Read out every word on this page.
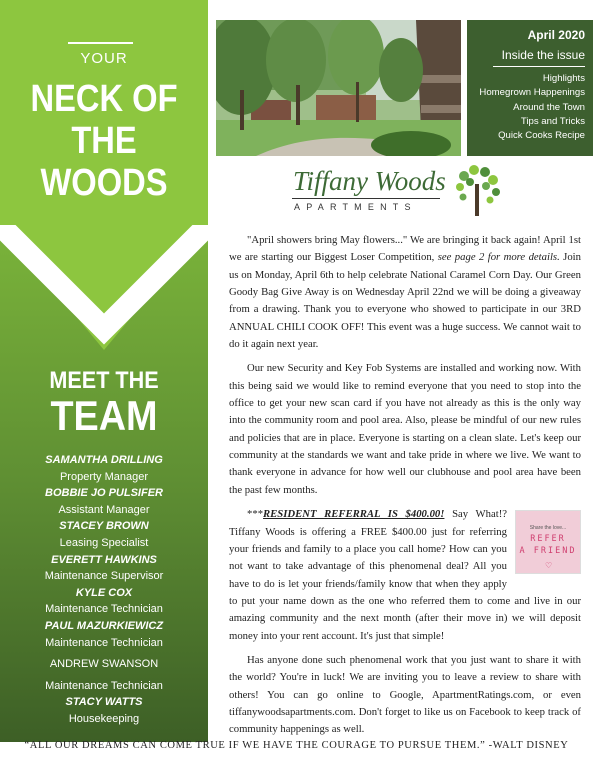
YOUR
NECK OF
THE WOODS
MEET THE
TEAM
SAMANTHA DRILLING
Property Manager
BOBBIE JO PULSIFER
Assistant Manager
STACEY BROWN
Leasing Specialist
EVERETT HAWKINS
Maintenance Supervisor
KYLE COX
Maintenance Technician
PAUL MAZURKIEWICZ
Maintenance Technician
ANDREW SWANSON
Maintenance Technician
STACY WATTS
Housekeeping
April 2020
Inside the issue
Highlights
Homegrown Happenings
Around the Town
Tips and Tricks
Quick Cooks Recipe
Tiffany Woods
APARTMENTS

"April showers bring May flowers..." We are bringing it back again! April 1st we are starting our Biggest Loser Competition, see page 2 for more details. Join us on Monday, April 6th to help celebrate National Caramel Corn Day. Our Green Goody Bag Give Away is on Wednesday April 22nd we will be doing a giveaway from a drawing. Thank you to everyone who showed to participate in our 3RD ANNUAL CHILI COOK OFF! This event was a huge success. We cannot wait to do it again next year.

Our new Security and Key Fob Systems are installed and working now. With this being said we would like to remind everyone that you need to stop into the office to get your new scan card if you have not already as this is the only way into the community room and pool area. Also, please be mindful of our new rules and policies that are in place. Everyone is starting on a clean slate. Let's keep our community at the standards we want and take pride in where we live. We want to thank everyone in advance for how well our clubhouse and pool area have been the past few months.

Share the love...
REFER
A FRIEND
♡
***RESIDENT REFERRAL IS $400.00! Say What!? Tiffany Woods is offering a FREE $400.00 just for referring your friends and family to a place you call home? How can you not want to take advantage of this phenomenal deal? All you have to do is let your friends/family know that when they apply to put your name down as the one who referred them to come and live in our amazing community and the next month (after their move in) we will deposit money into your rent account. It's just that simple!

Has anyone done such phenomenal work that you just want to share it with the world? You're in luck! We are inviting you to leave a review to share with others! You can go online to Google, ApartmentRatings.com, or even tiffanywoodsapartments.com. Don't forget to like us on Facebook to keep track of community happenings as well.

“ALL OUR DREAMS CAN COME TRUE IF WE HAVE THE COURAGE TO PURSUE THEM.” -WALT DISNEY
